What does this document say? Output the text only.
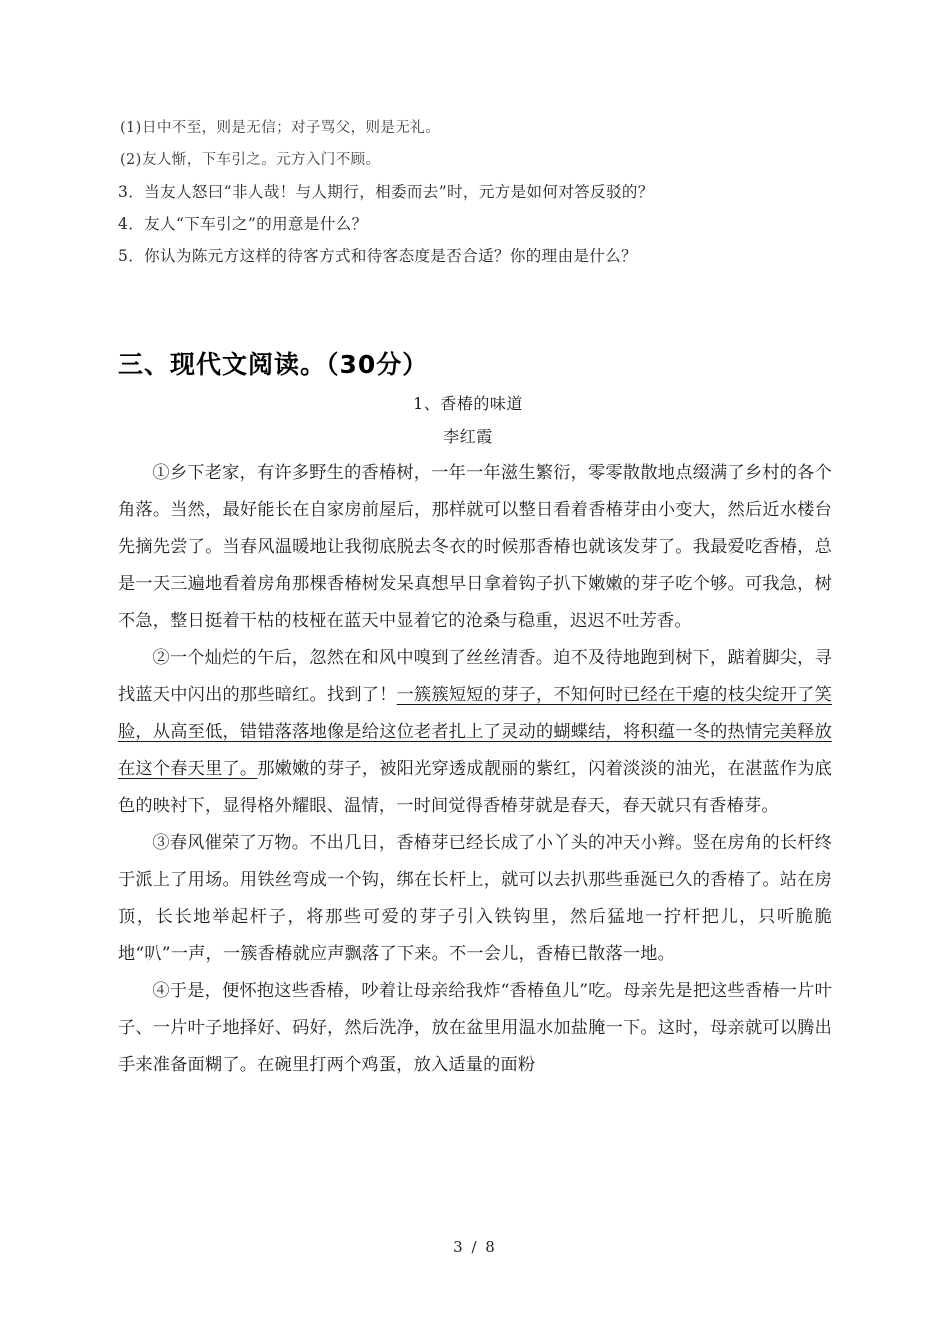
(1)日中不至，则是无信；对子骂父，则是无礼。
(2)友人惭，下车引之。元方入门不顾。
3．当友人怒曰“非人哉！与人期行，相委而去”时，元方是如何对答反驳的？
4．友人“下车引之”的用意是什么？
5．你认为陈元方这样的待客方式和待客态度是否合适？你的理由是什么？
三、现代文阅读。（30分）
1、香椿的味道
李红霞

①乡下老家，有许多野生的香椿树，一年一年滋生繁衍，零零散散地点缀满了乡村的各个角落。当然，最好能长在自家房前屋后，那样就可以整日看着香椿芽由小变大，然后近水楼台先摘先尝了。当春风温暖地让我彻底脱去冬衣的时候那香椿也就该发芽了。我最爱吃香椿，总是一天三遍地看着房角那棵香椿树发呆真想早日拿着钩子扒下嫩嫩的芽子吃个够。可我急，树不急，整日挺着干枯的枝桠在蓝天中显着它的沧桑与稳重，迟迟不吐芳香。

②一个灿烂的午后，忽然在和风中嗅到了丝丝清香。迫不及待地跑到树下，踮着脚尖，寻找蓝天中闪出的那些暗红。找到了！一簇簇短短的芽子，不知何时已经在干瘪的枝尖绽开了笑脸，从高至低，错错落落地像是给这位老者扎上了灵动的蝴蝶结，将积蕴一冬的热情完美释放在这个春天里了。那嫩嫩的芽子，被阳光穿透成靓丽的紫红，闪着淡淡的油光，在湛蓝作为底色的映衬下，显得格外耀眼、温情，一时间觉得香椿芽就是春天，春天就只有香椿芽。

③春风催荣了万物。不出几日，香椿芽已经长成了小丫头的冲天小辫。竖在房角的长杆终于派上了用场。用铁丝弯成一个钩，绑在长杆上，就可以去扒那些垂涎已久的香椿了。站在房顶，长长地举起杆子，将那些可爱的芽子引入铁钩里，然后猛地一拧杆把儿，只听脆脆地“叭”一声，一簇香椿就应声飘落了下来。不一会儿，香椿已散落一地。

④于是，便怀抱这些香椿，吵着让母亲给我炸“香椿鱼儿”吃。母亲先是把这些香椿一片叶子、一片叶子地择好、码好，然后洗净，放在盆里用温水加盐腌一下。这时，母亲就可以腾出手来准备面糊了。在碗里打两个鸡蛋，放入适量的面粉

3 / 8
